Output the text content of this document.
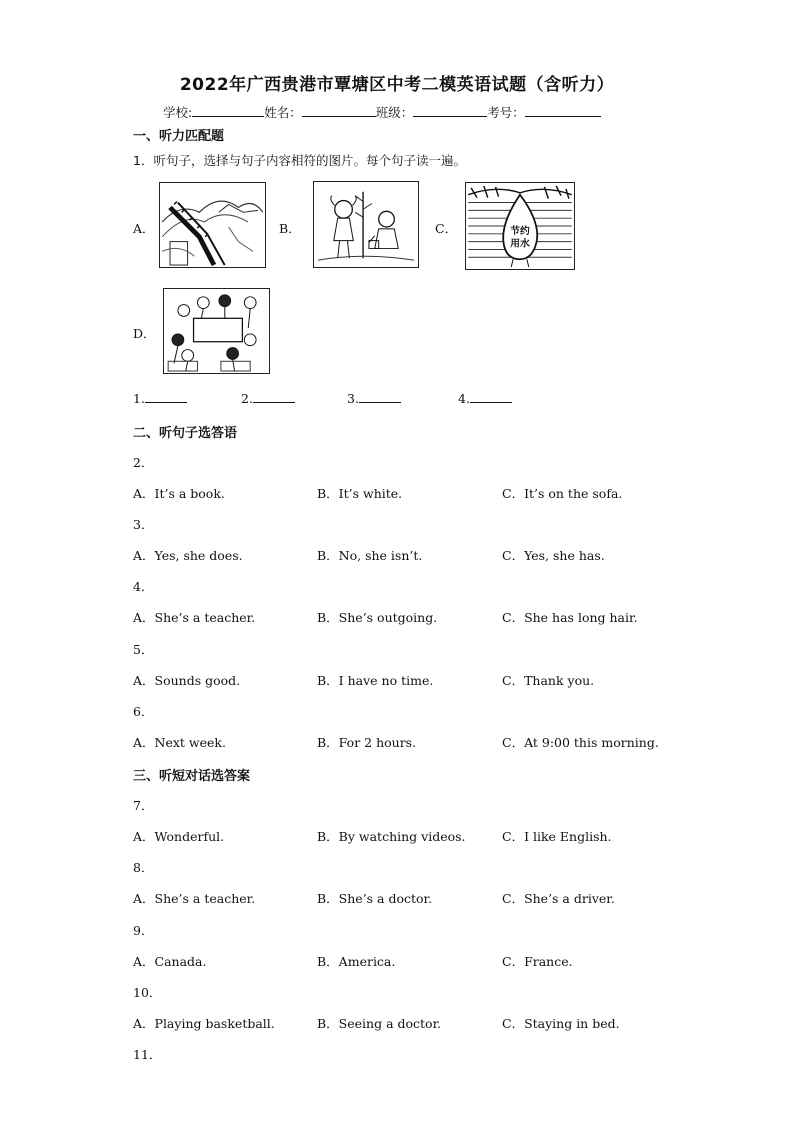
2022年广西贵港市覃塘区中考二模英语试题（含听力）
学校:	姓名：	班级：	考号：
一、听力匹配题
1．听句子，选择与句子内容相符的图片。每个句子读一遍。
A．	B．	C．	节约
用水
D．
1.	2.	3.	4.
二、听句子选答语
2．
A．It’s a book.	B．It’s white.	C．It’s on the sofa.
3．
A．Yes, she does.	B．No, she isn’t.	C．Yes, she has.
4．
A．She’s a teacher.	B．She’s outgoing.	C．She has long hair.
5．
A．Sounds good.	B．I have no time.	C．Thank you.
6．
A．Next week.	B．For 2 hours.	C．At 9:00 this morning.
三、听短对话选答案
7．
A．Wonderful.	B．By watching videos.	C．I like English.
8．
A．She’s a teacher.	B．She’s a doctor.	C．She’s a driver.
9．
A．Canada.	B．America.	C．France.
10．
A．Playing basketball.	B．Seeing a doctor.	C．Staying in bed.
11．
